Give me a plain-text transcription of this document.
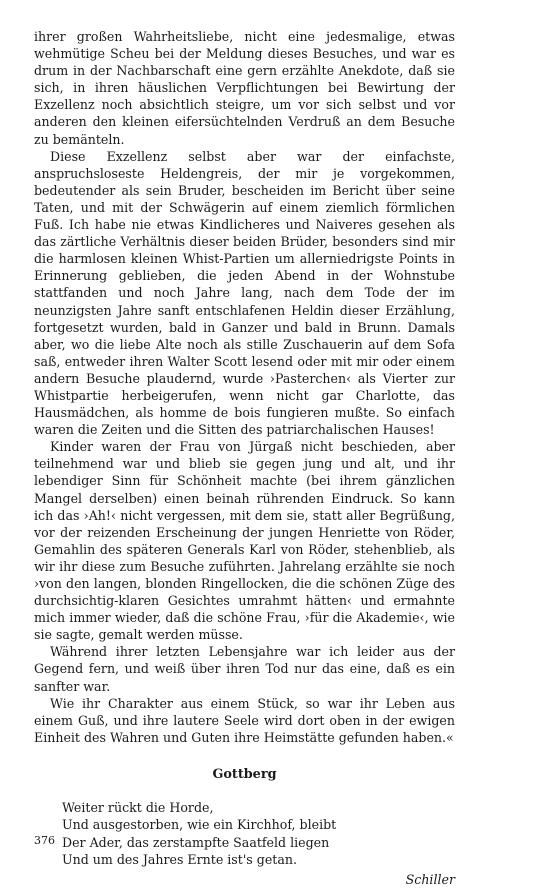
ihrer großen Wahrheitsliebe, nicht eine jedesmalige, etwas wehmütige Scheu bei der Meldung dieses Besuches, und war es drum in der Nachbarschaft eine gern erzählte Anekdote, daß sie sich, in ihren häuslichen Verpflichtungen bei Bewirtung der Exzellenz noch absichtlich steigre, um vor sich selbst und vor anderen den kleinen eifersüchtelnden Verdruß an dem Besuche zu bemänteln.

Diese Exzellenz selbst aber war der einfachste, anspruchsloseste Heldengreis, der mir je vorgekommen, bedeutender als sein Bruder, bescheiden im Bericht über seine Taten, und mit der Schwägerin auf einem ziemlich förmlichen Fuß. Ich habe nie etwas Kindlicheres und Naiveres gesehen als das zärtliche Verhältnis dieser beiden Brüder, besonders sind mir die harmlosen kleinen Whist-Partien um allerniedrigste Points in Erinnerung geblieben, die jeden Abend in der Wohnstube stattfanden und noch Jahre lang, nach dem Tode der im neunzigsten Jahre sanft entschlafenen Heldin dieser Erzählung, fortgesetzt wurden, bald in Ganzer und bald in Brunn. Damals aber, wo die liebe Alte noch als stille Zuschauerin auf dem Sofa saß, entweder ihren Walter Scott lesend oder mit mir oder einem andern Besuche plaudernd, wurde ›Pasterchen‹ als Vierter zur Whistpartie herbeigerufen, wenn nicht gar Charlotte, das Hausmädchen, als homme de bois fungieren mußte. So einfach waren die Zeiten und die Sitten des patriarchalischen Hauses!

Kinder waren der Frau von Jürgaß nicht beschieden, aber teilnehmend war und blieb sie gegen jung und alt, und ihr lebendiger Sinn für Schönheit machte (bei ihrem gänzlichen Mangel derselben) einen beinah rührenden Eindruck. So kann ich das ›Ah!‹ nicht vergessen, mit dem sie, statt aller Begrüßung, vor der reizenden Erscheinung der jungen Henriette von Röder, Gemahlin des späteren Generals Karl von Röder, stehenblieb, als wir ihr diese zum Besuche zuführten. Jahrelang erzählte sie noch ›von den langen, blonden Ringellocken, die die schönen Züge des durchsichtig-klaren Gesichtes umrahmt hätten‹ und ermahnte mich immer wieder, daß die schöne Frau, ›für die Akademie‹, wie sie sagte, gemalt werden müsse.

Während ihrer letzten Lebensjahre war ich leider aus der Gegend fern, und weiß über ihren Tod nur das eine, daß es ein sanfter war.

Wie ihr Charakter aus einem Stück, so war ihr Leben aus einem Guß, und ihre lautere Seele wird dort oben in der ewigen Einheit des Wahren und Guten ihre Heimstätte gefunden haben.«

Gottberg
Weiter rückt die Horde,
Und ausgestorben, wie ein Kirchhof, bleibt
Der Ader, das zerstampfte Saatfeld liegen
Und um des Jahres Ernte ist's getan.
Schiller
376
